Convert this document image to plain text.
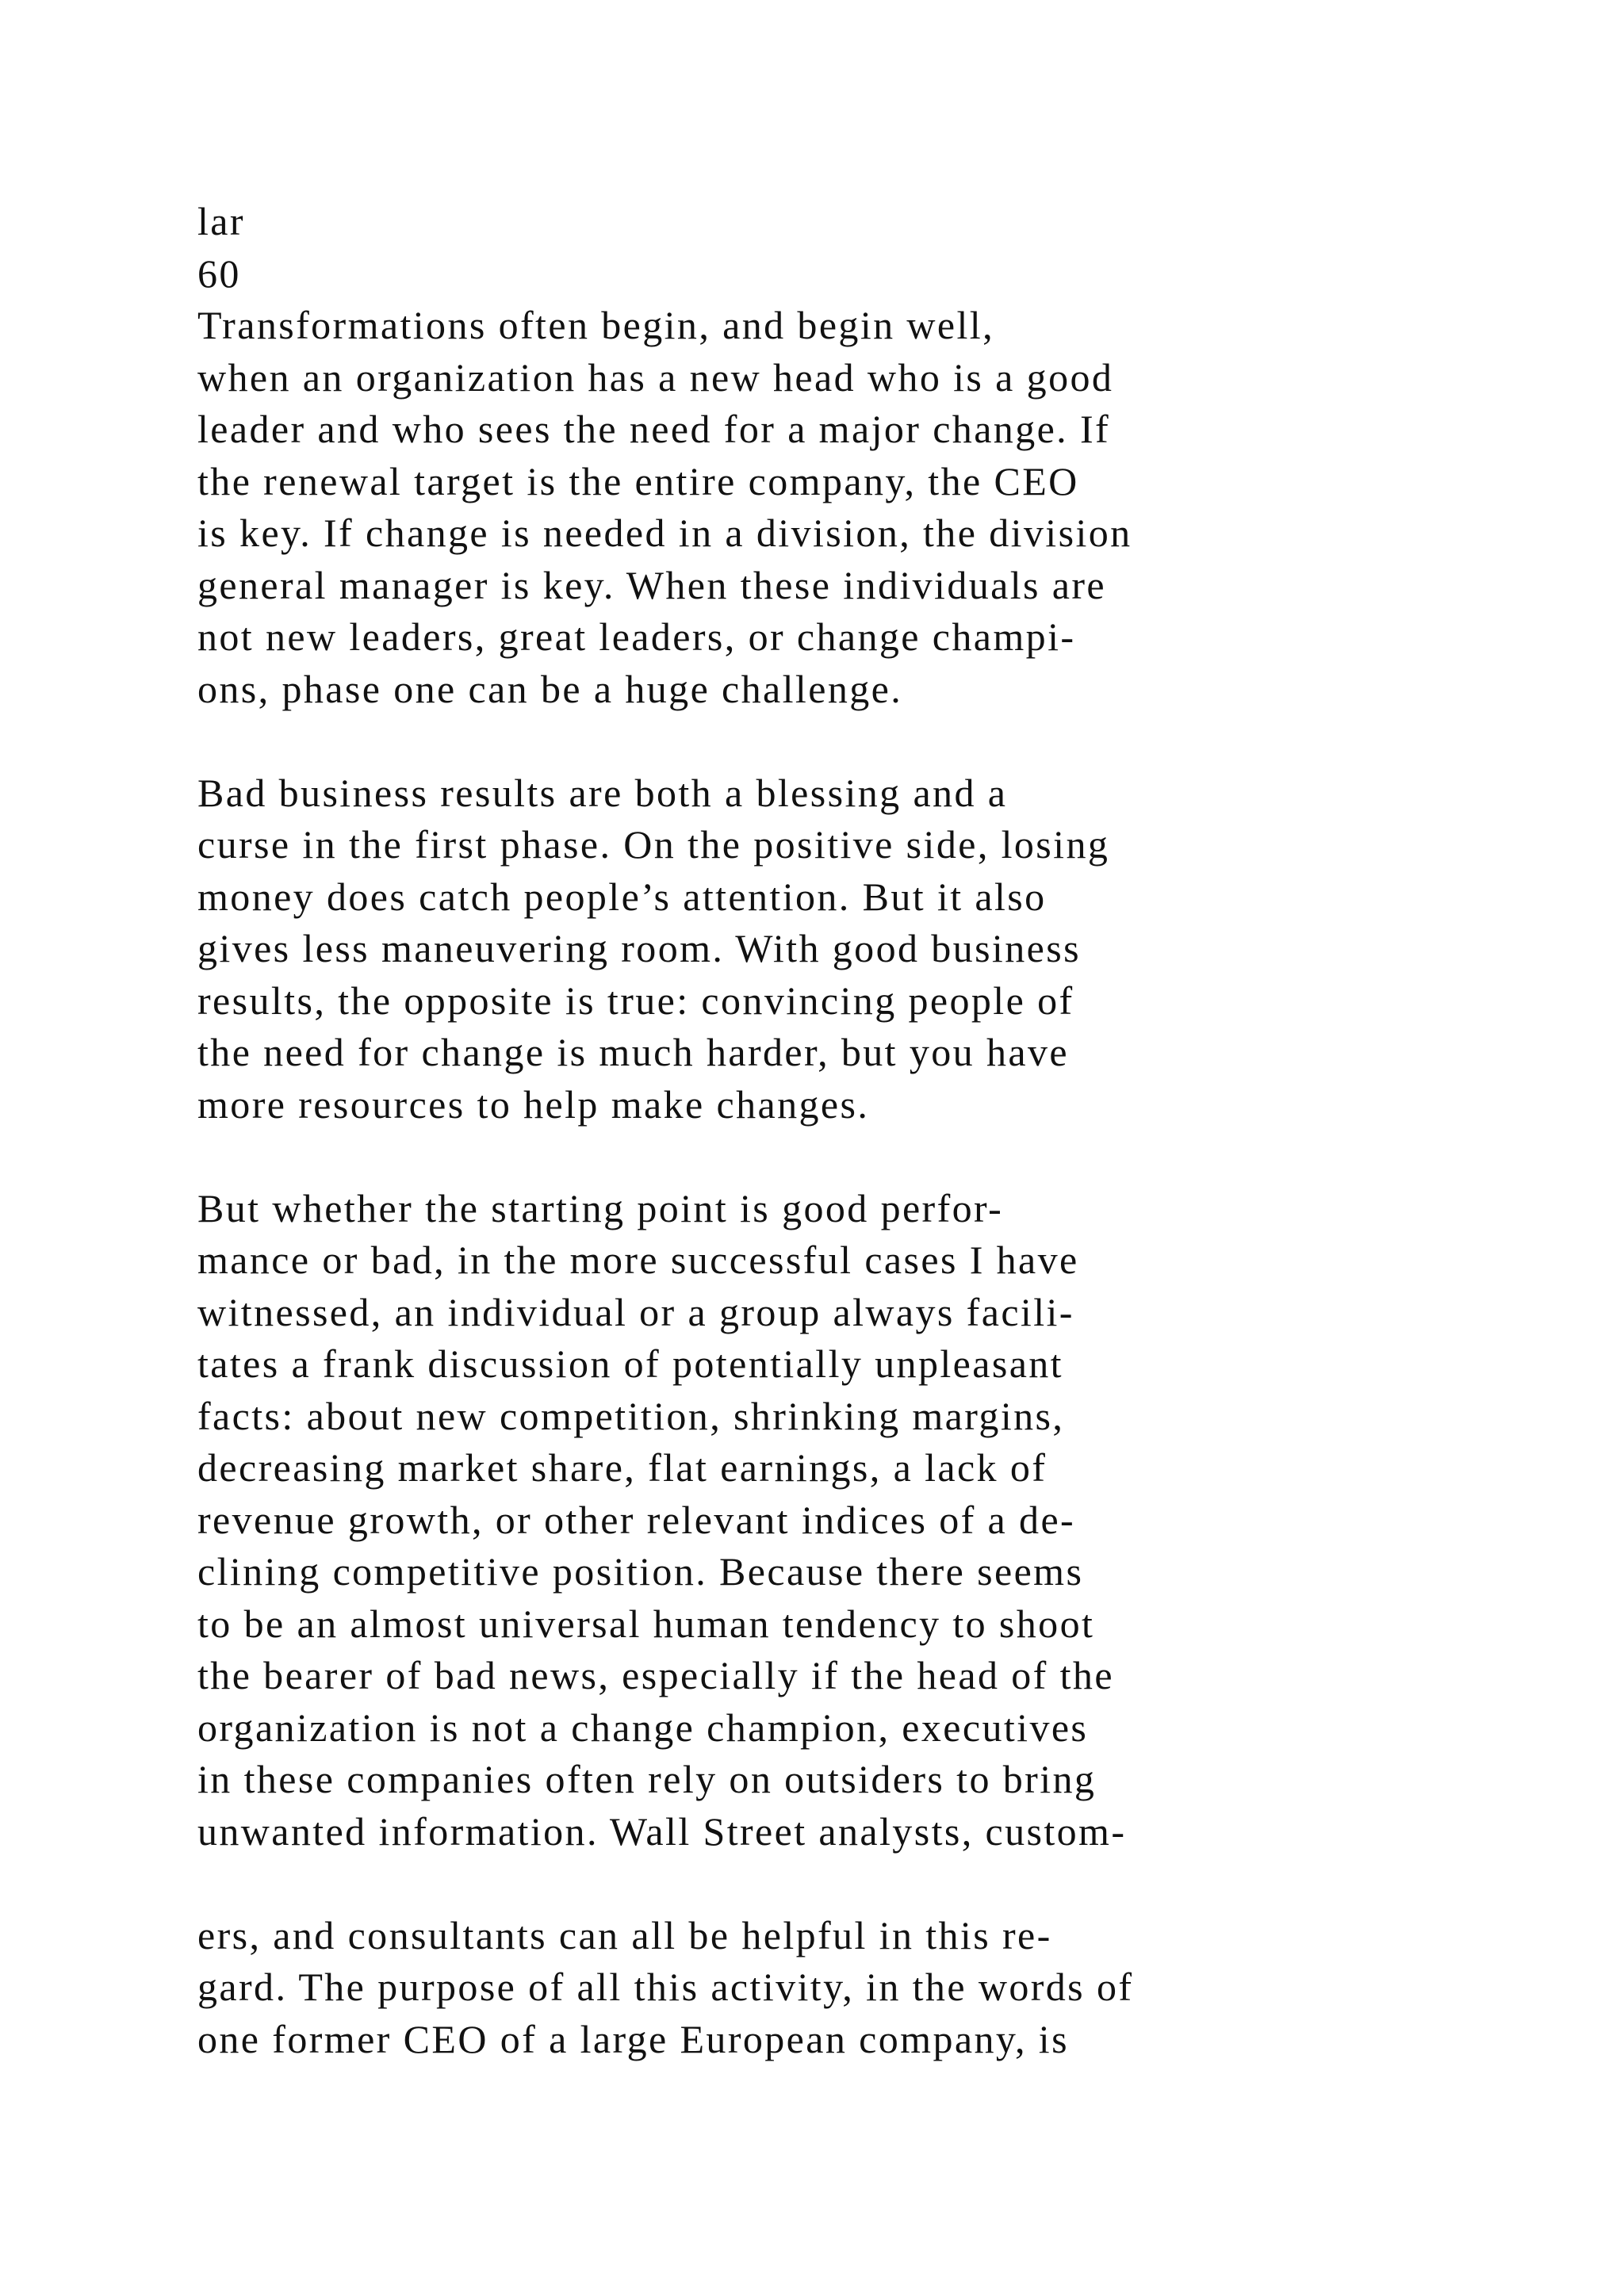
lar
60
Transformations often begin, and begin well,
when an organization has a new head who is a good
leader and who sees the need for a major change. If
the renewal target is the entire company, the CEO
is key. If change is needed in a division, the division
general manager is key. When these individuals are
not new leaders, great leaders, or change champi-
ons, phase one can be a huge challenge.
Bad business results are both a blessing and a
curse in the first phase. On the positive side, losing
money does catch people’s attention. But it also
gives less maneuvering room. With good business
results, the opposite is true: convincing people of
the need for change is much harder, but you have
more resources to help make changes.
But whether the starting point is good perfor-
mance or bad, in the more successful cases I have
witnessed, an individual or a group always facili-
tates a frank discussion of potentially unpleasant
facts: about new competition, shrinking margins,
decreasing market share, flat earnings, a lack of
revenue growth, or other relevant indices of a de-
clining competitive position. Because there seems
to be an almost universal human tendency to shoot
the bearer of bad news, especially if the head of the
organization is not a change champion, executives
in these companies often rely on outsiders to bring
unwanted information. Wall Street analysts, custom-
ers, and consultants can all be helpful in this re-
gard. The purpose of all this activity, in the words of
one former CEO of a large European company, is
